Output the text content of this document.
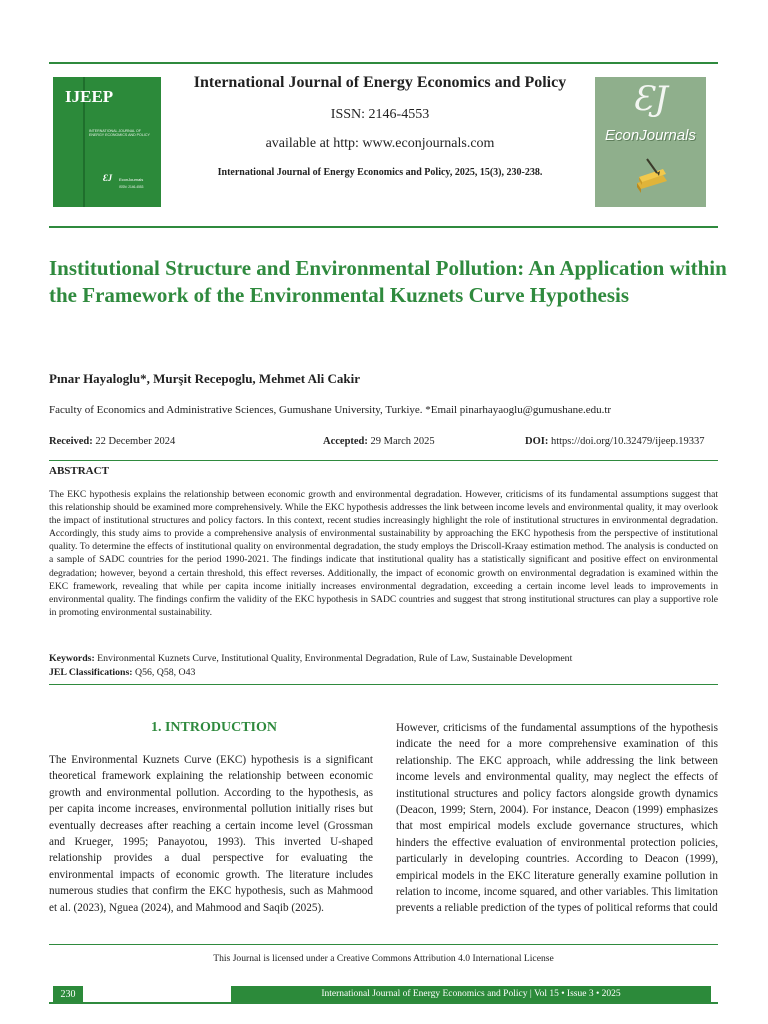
IJEEP
INTERNATIONAL JOURNAL OF ENERGY ECONOMICS AND POLICY
ƐJ EconJournals
ISSN: 2146-4553
International Journal of Energy Economics and Policy
ISSN: 2146-4553
available at http: www.econjournals.com
International Journal of Energy Economics and Policy, 2025, 15(3), 230-238.
ƐJ
EconJournals
Institutional Structure and Environmental Pollution: An Application within the Framework of the Environmental Kuznets Curve Hypothesis
Pınar Hayaloglu*, Murşit Recepoglu, Mehmet Ali Cakir
Faculty of Economics and Administrative Sciences, Gumushane University, Turkiye. *Email pinarhayaoglu@gumushane.edu.tr
Received: 22 December 2024	Accepted: 29 March 2025	DOI: https://doi.org/10.32479/ijeep.19337
ABSTRACT
The EKC hypothesis explains the relationship between economic growth and environmental degradation. However, criticisms of its fundamental assumptions suggest that this relationship should be examined more comprehensively. While the EKC hypothesis addresses the link between income levels and environmental quality, it may overlook the impact of institutional structures and policy factors. In this context, recent studies increasingly highlight the role of institutional structures in environmental degradation. Accordingly, this study aims to provide a comprehensive analysis of environmental sustainability by approaching the EKC hypothesis from the perspective of institutional quality. To determine the effects of institutional quality on environmental degradation, the study employs the Driscoll-Kraay estimation method. The analysis is conducted on a sample of SADC countries for the period 1990-2021. The findings indicate that institutional quality has a statistically significant and positive effect on environmental degradation; however, beyond a certain threshold, this effect reverses. Additionally, the impact of economic growth on environmental degradation is examined within the EKC framework, revealing that while per capita income initially increases environmental degradation, exceeding a certain income level leads to improvements in environmental quality. The findings confirm the validity of the EKC hypothesis in SADC countries and suggest that strong institutional structures can play a supportive role in promoting environmental sustainability.
Keywords: Environmental Kuznets Curve, Institutional Quality, Environmental Degradation, Rule of Law, Sustainable Development
JEL Classifications: Q56, Q58, O43
1. INTRODUCTION
The Environmental Kuznets Curve (EKC) hypothesis is a significant theoretical framework explaining the relationship between economic growth and environmental pollution. According to the hypothesis, as per capita income increases, environmental pollution initially rises but eventually decreases after reaching a certain income level (Grossman and Krueger, 1995; Panayotou, 1993). This inverted U-shaped relationship provides a dual perspective for evaluating the environmental impacts of economic growth. The literature includes numerous studies that confirm the EKC hypothesis, such as Mahmood et al. (2023), Nguea (2024), and Mahmood and Saqib (2025).
However, criticisms of the fundamental assumptions of the hypothesis indicate the need for a more comprehensive examination of this relationship. The EKC approach, while addressing the link between income levels and environmental quality, may neglect the effects of institutional structures and policy factors alongside growth dynamics (Deacon, 1999; Stern, 2004). For instance, Deacon (1999) emphasizes that most empirical models exclude governance structures, which hinders the effective evaluation of environmental protection policies, particularly in developing countries. According to Deacon (1999), empirical models in the EKC literature generally examine pollution in relation to income, income squared, and other variables. This limitation prevents a reliable prediction of the types of political reforms that could
This Journal is licensed under a Creative Commons Attribution 4.0 International License
230	International Journal of Energy Economics and Policy | Vol 15 • Issue 3 • 2025
